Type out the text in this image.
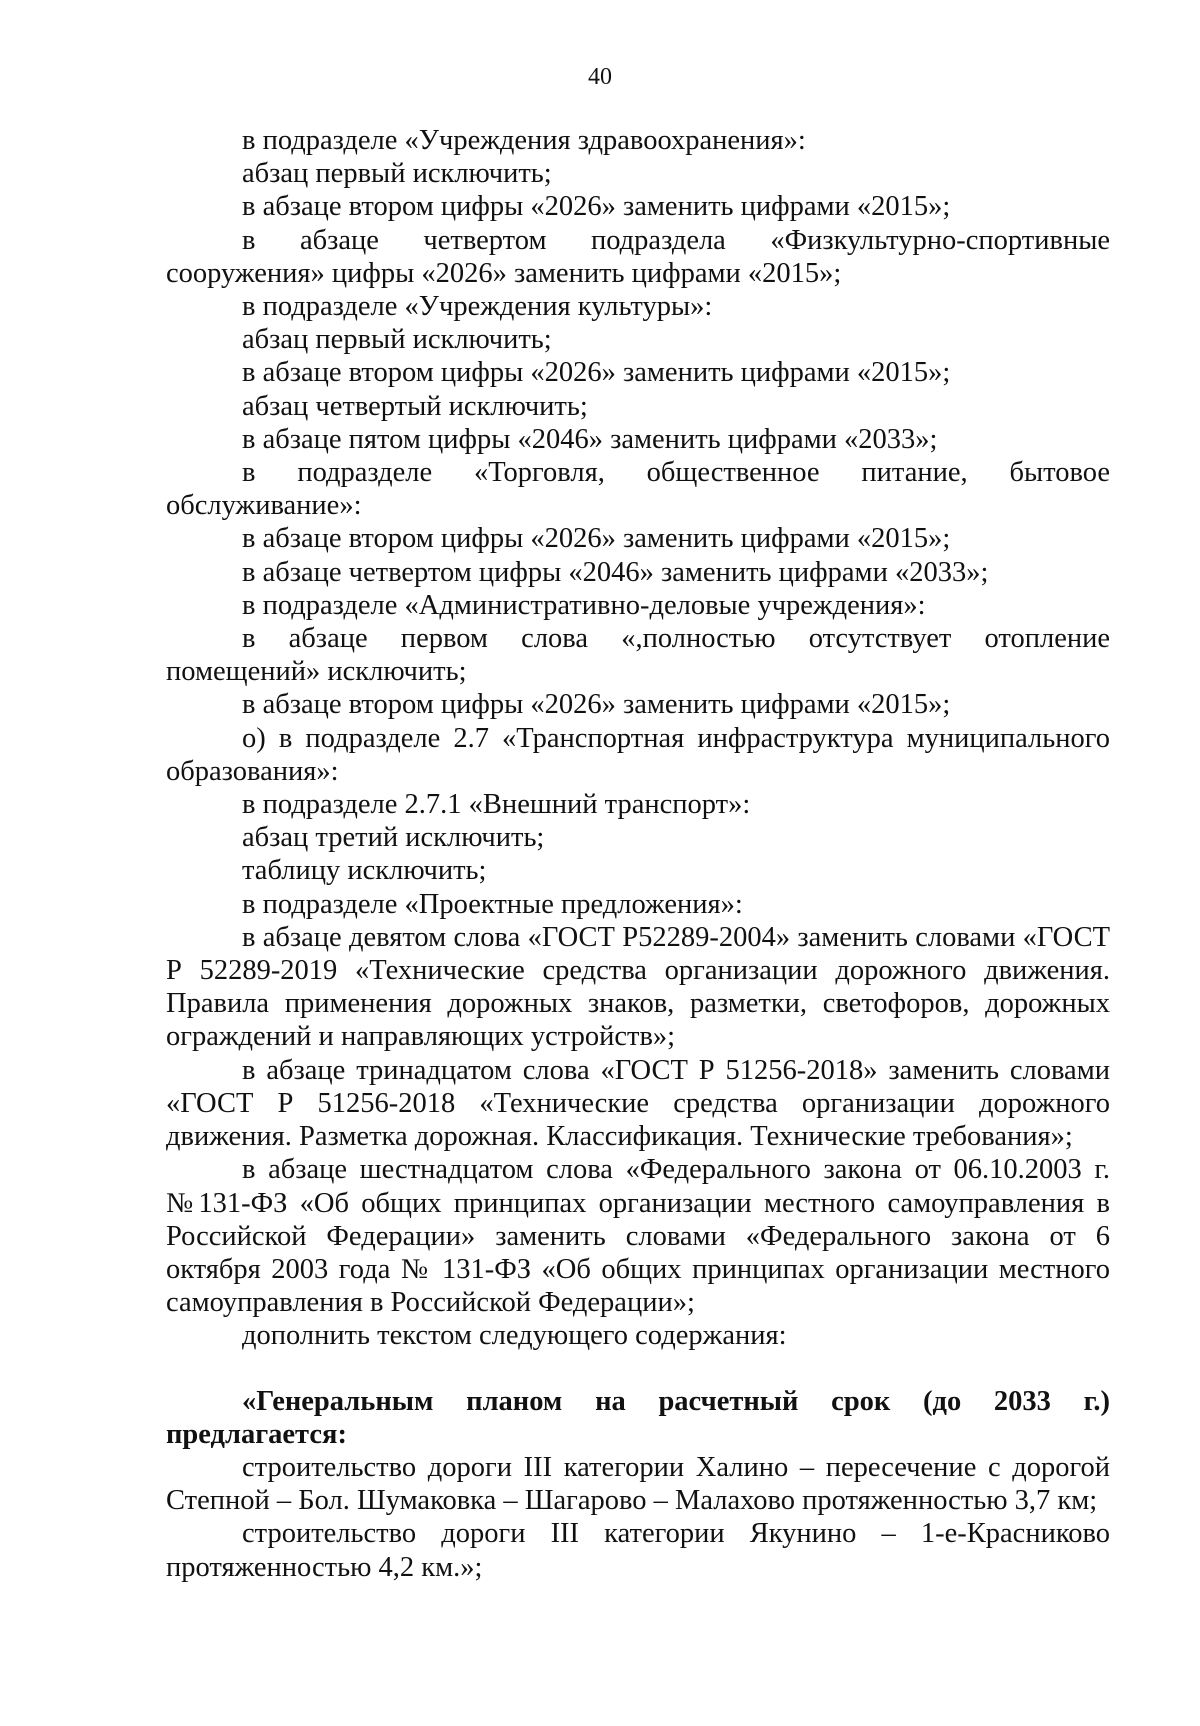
40

в подразделе «Учреждения здравоохранения»:

абзац первый исключить;

в абзаце втором цифры «2026» заменить цифрами «2015»;

в абзаце четвертом подраздела «Физкультурно-спортивные сооружения» цифры «2026» заменить цифрами «2015»;

в подразделе «Учреждения культуры»:

абзац первый исключить;

в абзаце втором цифры «2026» заменить цифрами «2015»;

абзац четвертый исключить;

в абзаце пятом цифры «2046» заменить цифрами «2033»;

в подразделе «Торговля, общественное питание, бытовое обслуживание»:

в абзаце втором цифры «2026» заменить цифрами «2015»;

в абзаце четвертом цифры «2046» заменить цифрами «2033»;

в подразделе «Административно-деловые учреждения»:

в абзаце первом слова «,полностью отсутствует отопление помещений» исключить;

в абзаце втором цифры «2026» заменить цифрами «2015»;

о) в подразделе 2.7 «Транспортная инфраструктура муниципального образования»:

в подразделе 2.7.1 «Внешний транспорт»:

абзац третий исключить;

таблицу исключить;

в подразделе «Проектные предложения»:

в абзаце девятом слова «ГОСТ Р52289-2004» заменить словами «ГОСТ Р 52289-2019 «Технические средства организации дорожного движения. Правила применения дорожных знаков, разметки, светофоров, дорожных ограждений и направляющих устройств»;

в абзаце тринадцатом слова «ГОСТ Р 51256-2018» заменить словами «ГОСТ Р 51256-2018 «Технические средства организации дорожного движения. Разметка дорожная. Классификация. Технические требования»;

в абзаце шестнадцатом слова «Федерального закона от 06.10.2003 г. №131-ФЗ «Об общих принципах организации местного самоуправления в Российской Федерации» заменить словами «Федерального закона от 6 октября 2003 года № 131-ФЗ «Об общих принципах организации местного самоуправления в Российской Федерации»;

дополнить текстом следующего содержания:

«Генеральным планом на расчетный срок (до 2033 г.) предлагается:

строительство дороги III категории Халино – пересечение с дорогой Степной – Бол. Шумаковка – Шагарово – Малахово протяженностью 3,7 км;

строительство дороги III категории Якунино – 1-е-Красниково протяженностью 4,2 км.»;
